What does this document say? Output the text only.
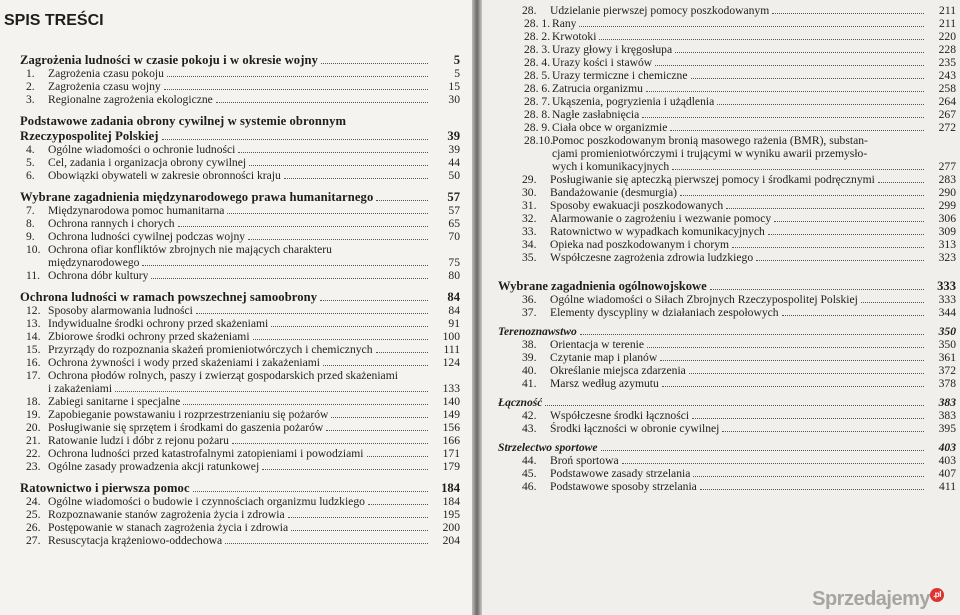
SPIS TREŚCI
Zagrożenia ludności w czasie pokoju i w okresie wojny	5
1.	Zagrożenia czasu pokoju	5
2.	Zagrożenia czasu wojny	15
3.	Regionalne zagrożenia ekologiczne	30
Podstawowe zadania obrony cywilnej w systemie obronnym
Rzeczypospolitej Polskiej	39
4.	Ogólne wiadomości o ochronie ludności	39
5.	Cel, zadania i organizacja obrony cywilnej	44
6.	Obowiązki obywateli w zakresie obronności kraju	50
Wybrane zagadnienia międzynarodowego prawa humanitarnego	57
7.	Międzynarodowa pomoc humanitarna	57
8.	Ochrona rannych i chorych	65
9.	Ochrona ludności cywilnej podczas wojny	70
10. Ochrona ofiar konfliktów zbrojnych nie mających charakteru
międzynarodowego	75
11. Ochrona dóbr kultury	80
Ochrona ludności w ramach powszechnej samoobrony	84
12. Sposoby alarmowania ludności	84
13. Indywidualne środki ochrony przed skażeniami	91
14. Zbiorowe środki ochrony przed skażeniami	100
15. Przyrządy do rozpoznania skażeń promieniotwórczych i chemicznych	111
16. Ochrona żywności i wody przed skażeniami i zakażeniami	124
17. Ochrona płodów rolnych, paszy i zwierząt gospodarskich przed skażeniami
i zakażeniami	133
18. Zabiegi sanitarne i specjalne	140
19. Zapobieganie powstawaniu i rozprzestrzenianiu się pożarów	149
20. Posługiwanie się sprzętem i środkami do gaszenia pożarów	156
21. Ratowanie ludzi i dóbr z rejonu pożaru	166
22. Ochrona ludności przed katastrofalnymi zatopieniami i powodziami	171
23. Ogólne zasady prowadzenia akcji ratunkowej	179
Ratownictwo i pierwsza pomoc	184
24. Ogólne wiadomości o budowie i czynnościach organizmu ludzkiego	184
25. Rozpoznawanie stanów zagrożenia życia i zdrowia	195
26. Postępowanie w stanach zagrożenia życia i zdrowia	200
27. Resuscytacja krążeniowo-oddechowa	204
28.	Udzielanie pierwszej pomocy poszkodowanym	211
28. 1. Rany	211
28. 2. Krwotoki	220
28. 3. Urazy głowy i kręgosłupa	228
28. 4. Urazy kości i stawów	235
28. 5. Urazy termiczne i chemiczne	243
28. 6. Zatrucia organizmu	258
28. 7. Ukąszenia, pogryzienia i użądlenia	264
28. 8. Nagłe zasłabnięcia	267
28. 9. Ciała obce w organizmie	272
28.10. Pomoc poszkodowanym bronią masowego rażenia (BMR), substan-
cjami promieniotwórczymi i trującymi w wyniku awarii przemysło-
wych i komunikacyjnych	277
29.	Posługiwanie się apteczką pierwszej pomocy i środkami podręcznymi	283
30.	Bandażowanie (desmurgia)	290
31.	Sposoby ewakuacji poszkodowanych	299
32.	Alarmowanie o zagrożeniu i wezwanie pomocy	306
33.	Ratownictwo w wypadkach komunikacyjnych	309
34.	Opieka nad poszkodowanym i chorym	313
35.	Współczesne zagrożenia zdrowia ludzkiego	323
Wybrane zagadnienia ogólnowojskowe	333
36.	Ogólne wiadomości o Siłach Zbrojnych Rzeczypospolitej Polskiej	333
37.	Elementy dyscypliny w działaniach zespołowych	344
Terenoznawstwo	350
38.	Orientacja w terenie	350
39.	Czytanie map i planów	361
40.	Określanie miejsca zdarzenia	372
41.	Marsz według azymutu	378
Łączność	383
42.	Współczesne środki łączności	383
43.	Środki łączności w obronie cywilnej	395
Strzelectwo sportowe	403
44.	Broń sportowa	403
45.	Podstawowe zasady strzelania	407
46.	Podstawowe sposoby strzelania	411
Sprzedajemy .pl
